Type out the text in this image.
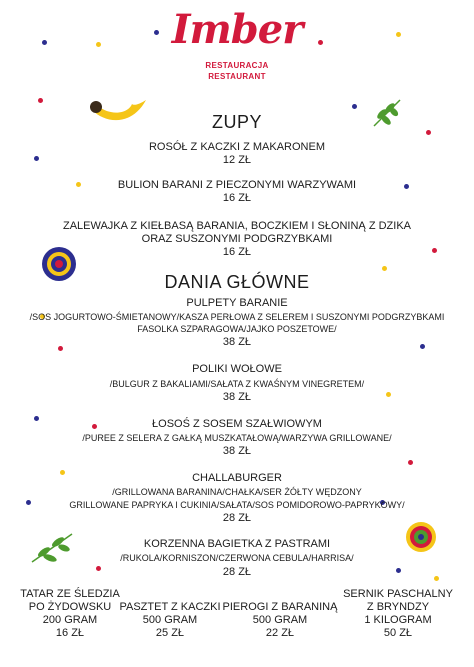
Imber
RESTAURACJA
RESTAURANT
ZUPY
ROSÓŁ Z KACZKI Z MAKARONEM
12 ZŁ
BULION BARANI Z PIECZONYMI WARZYWAMI
16 ZŁ
ZALEWAJKA Z KIEŁBASĄ BARANIA, BOCZKIEM I SŁONINĄ Z DZIKA
ORAZ SUSZONYMI PODGRZYBKAMI
16 ZŁ
DANIA GŁÓWNE
PULPETY BARANIE
/SOS JOGURTOWO-ŚMIETANOWY/KASZA PERŁOWA Z SELEREM I SUSZONYMI PODGRZYBKAMI
FASOLKA SZPARAGOWA/JAJKO POSZETOWE/
38 ZŁ
POLIKI WOŁOWE
/BULGUR Z BAKALIAMI/SAŁATA Z KWAŚNYM VINEGRETEM/
38 ZŁ
ŁOSOŚ Z SOSEM SZAŁWIOWYM
/PUREE Z SELERA Z GAŁKĄ MUSZKATAŁOWĄ/WARZYWA GRILLOWANE/
38 ZŁ
CHALLABURGER
/GRILLOWANA BARANINA/CHAŁKA/SER ŻÓŁTY WĘDZONY
GRILLOWANE PAPRYKA I CUKINIA/SAŁATA/SOS POMIDOROWO-PAPRYKOWY/
28 ZŁ
KORZENNA BAGIETKA Z PASTRAMI
/RUKOLA/KORNISZON/CZERWONA CEBULA/HARRISA/
28 ZŁ
TATAR ZE ŚLEDZIA
PO ŻYDOWSKU
200 GRAM
16 ZŁ
PASZTET Z KACZKI
500 GRAM
25 ZŁ
PIEROGI Z BARANINĄ
500 GRAM
22 ZŁ
SERNIK PASCHALNY
Z BRYNDZY
1 KILOGRAM
50 ZŁ
